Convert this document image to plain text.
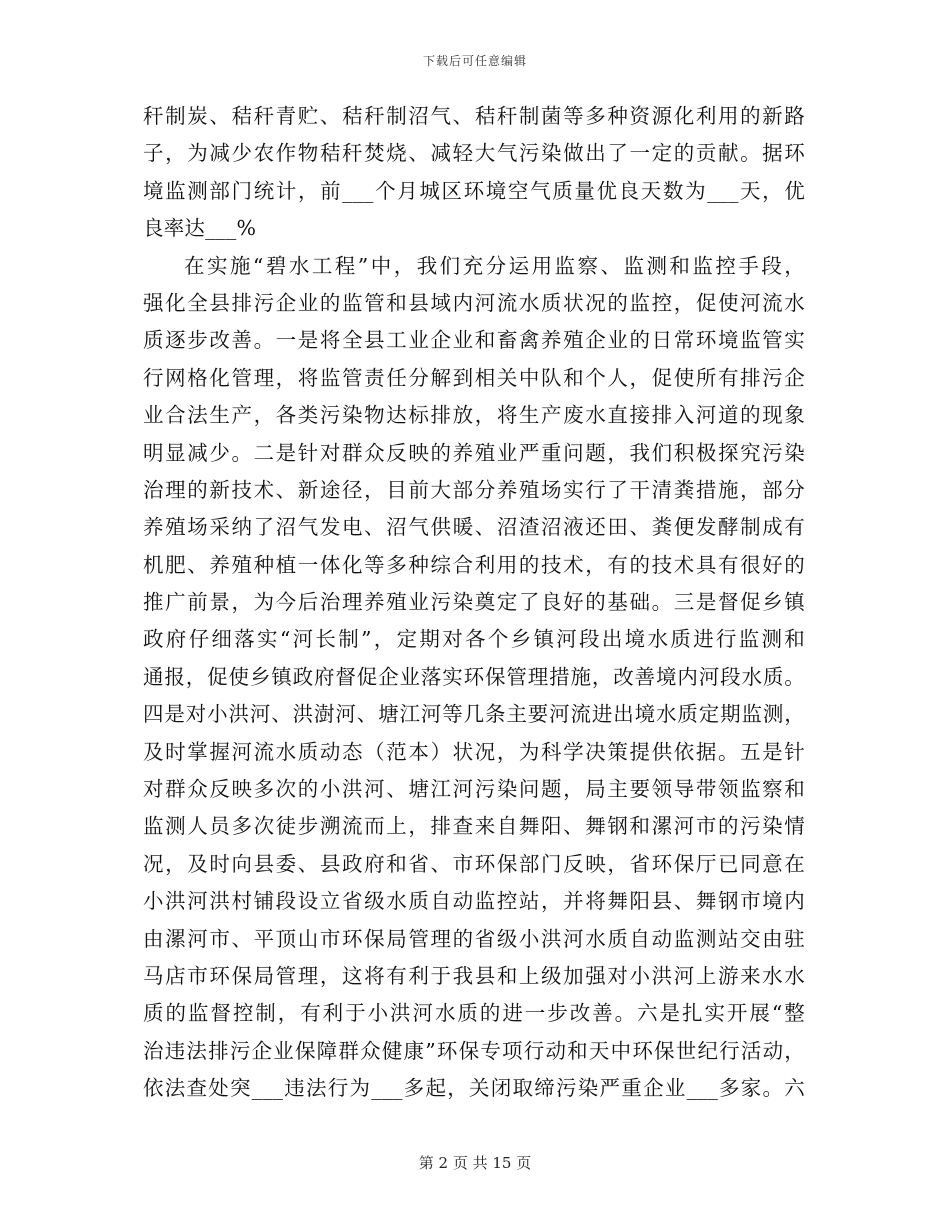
下载后可任意编辑
秆制炭、秸秆青贮、秸秆制沼气、秸秆制菌等多种资源化利用的新路
子，为减少农作物秸秆焚烧、减轻大气污染做出了一定的贡献。据环
境监测部门统计，前___个月城区环境空气质量优良天数为___天，优
良率达___%
在实施“碧水工程”中，我们充分运用监察、监测和监控手段，
强化全县排污企业的监管和县域内河流水质状况的监控，促使河流水
质逐步改善。一是将全县工业企业和畜禽养殖企业的日常环境监管实
行网格化管理，将监管责任分解到相关中队和个人，促使所有排污企
业合法生产，各类污染物达标排放，将生产废水直接排入河道的现象
明显减少。二是针对群众反映的养殖业严重问题，我们积极探究污染
治理的新技术、新途径，目前大部分养殖场实行了干清粪措施，部分
养殖场采纳了沼气发电、沼气供暖、沼渣沼液还田、粪便发酵制成有
机肥、养殖种植一体化等多种综合利用的技术，有的技术具有很好的
推广前景，为今后治理养殖业污染奠定了良好的基础。三是督促乡镇
政府仔细落实“河长制”，定期对各个乡镇河段出境水质进行监测和
通报，促使乡镇政府督促企业落实环保管理措施，改善境内河段水质。
四是对小洪河、洪澍河、塘江河等几条主要河流进出境水质定期监测，
及时掌握河流水质动态（范本）状况，为科学决策提供依据。五是针
对群众反映多次的小洪河、塘江河污染问题，局主要领导带领监察和
监测人员多次徒步溯流而上，排查来自舞阳、舞钢和漯河市的污染情
况，及时向县委、县政府和省、市环保部门反映，省环保厅已同意在
小洪河洪村铺段设立省级水质自动监控站，并将舞阳县、舞钢市境内
由漯河市、平顶山市环保局管理的省级小洪河水质自动监测站交由驻
马店市环保局管理，这将有利于我县和上级加强对小洪河上游来水水
质的监督控制，有利于小洪河水质的进一步改善。六是扎实开展“整
治违法排污企业保障群众健康”环保专项行动和天中环保世纪行活动，
依法查处突___违法行为___多起，关闭取缔污染严重企业___多家。六
第 2 页 共 15 页
